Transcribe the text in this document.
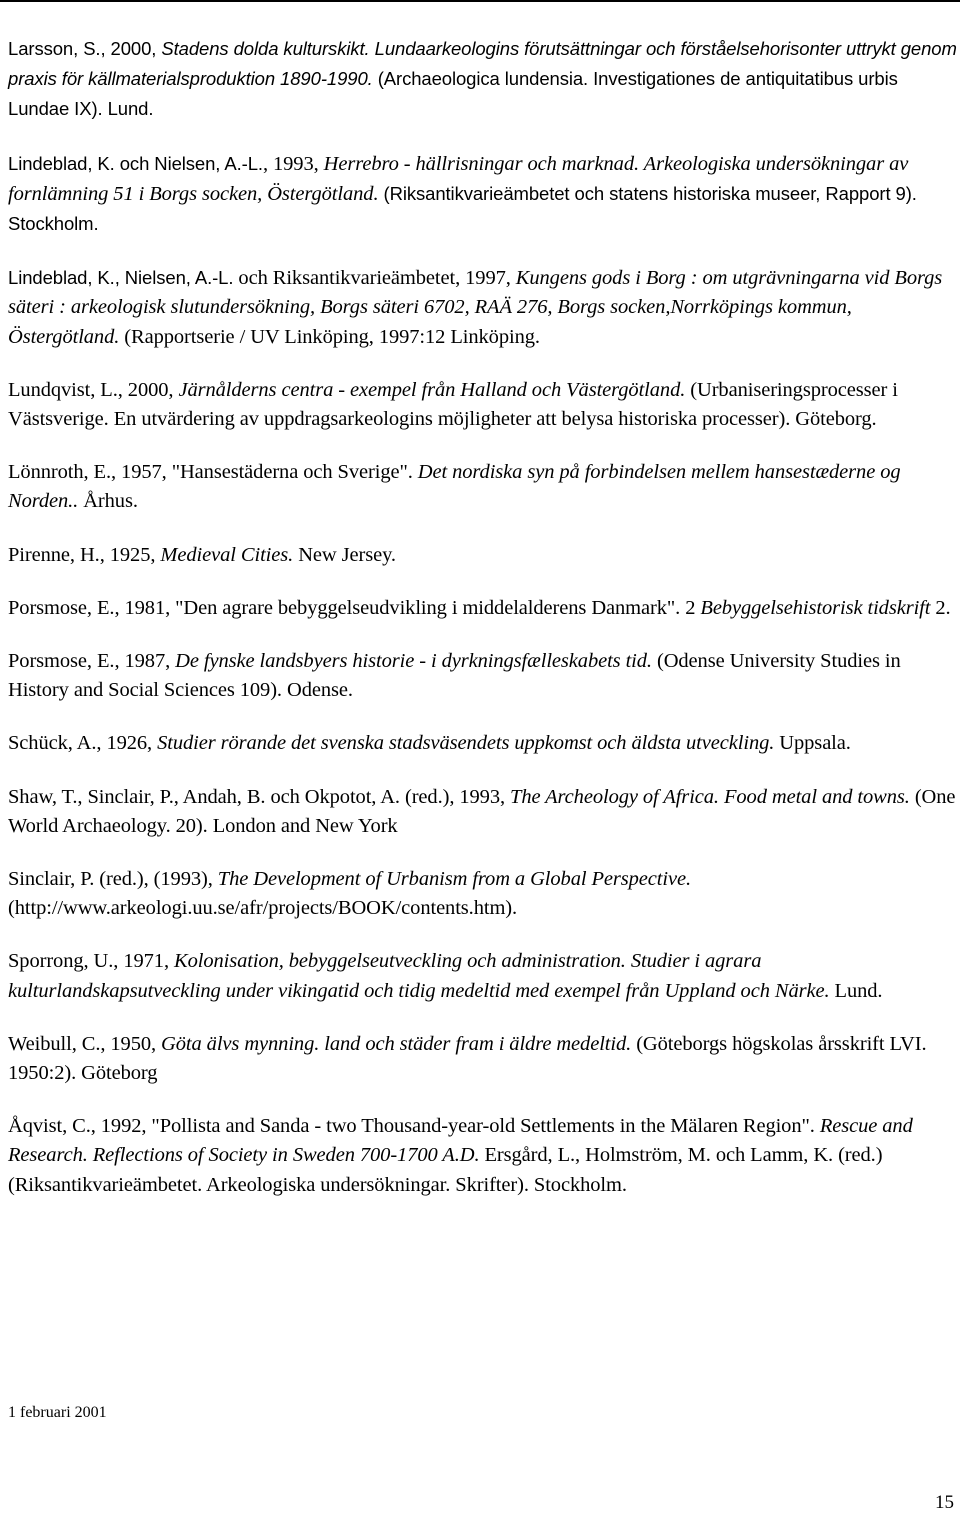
Larsson, S., 2000, Stadens dolda kulturskikt. Lundaarkeologins förutsättningar och förståelsehorisonter uttrykt genom praxis för källmaterialsproduktion 1890-1990. (Archaeologica lundensia. Investigationes de antiquitatibus urbis Lundae IX). Lund.

Lindeblad, K. och Nielsen, A.-L., 1993, Herrebro - hällrisningar och marknad. Arkeologiska undersökningar av fornlämning 51 i Borgs socken, Östergötland. (Riksantikvarieämbetet och statens historiska museer, Rapport 9). Stockholm.

Lindeblad, K., Nielsen, A.-L. och Riksantikvarieämbetet, 1997, Kungens gods i Borg : om utgrävningarna vid Borgs säteri : arkeologisk slutundersökning, Borgs säteri 6702, RAÄ 276, Borgs socken,Norrköpings kommun, Östergötland. (Rapportserie / UV Linköping, 1997:12 Linköping.

Lundqvist, L., 2000, Järnålderns centra - exempel från Halland och Västergötland. (Urbaniseringsprocesser i Västsverige. En utvärdering av uppdragsarkeologins möjligheter att belysa historiska processer). Göteborg.

Lönnroth, E., 1957, "Hansestäderna och Sverige". Det nordiska syn på forbindelsen mellem hansestæderne og Norden.. Århus.

Pirenne, H., 1925, Medieval Cities. New Jersey.

Porsmose, E., 1981, "Den agrare bebyggelseudvikling i middelalderens Danmark". 2 Bebyggelsehistorisk tidskrift 2.

Porsmose, E., 1987, De fynske landsbyers historie - i dyrkningsfælleskabets tid. (Odense University Studies in History and Social Sciences 109). Odense.

Schück, A., 1926, Studier rörande det svenska stadsväsendets uppkomst och äldsta utveckling. Uppsala.

Shaw, T., Sinclair, P., Andah, B. och Okpotot, A. (red.), 1993, The Archeology of Africa. Food metal and towns. (One World Archaeology. 20). London and New York

Sinclair, P. (red.), (1993), The Development of Urbanism from a Global Perspective. (http://www.arkeologi.uu.se/afr/projects/BOOK/contents.htm).

Sporrong, U., 1971, Kolonisation, bebyggelseutveckling och administration. Studier i agrara kulturlandskapsutveckling under vikingatid och tidig medeltid med exempel från Uppland och Närke. Lund.

Weibull, C., 1950, Göta älvs mynning. land och städer fram i äldre medeltid. (Göteborgs högskolas årsskrift LVI. 1950:2). Göteborg

Åqvist, C., 1992, "Pollista and Sanda - two Thousand-year-old Settlements in the Mälaren Region". Rescue and Research. Reflections of Society in Sweden 700-1700 A.D. Ersgård, L., Holmström, M. och Lamm, K. (red.) (Riksantikvarieämbetet. Arkeologiska undersökningar. Skrifter). Stockholm.

1 februari 2001
15
